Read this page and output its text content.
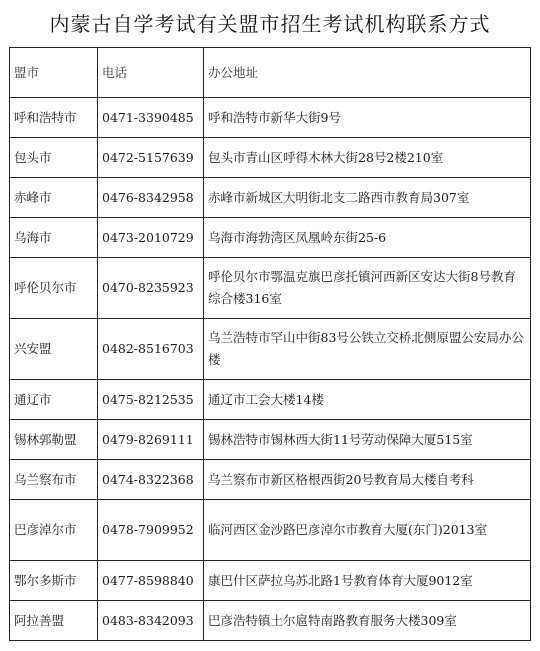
内蒙古自学考试有关盟市招生考试机构联系方式
盟市	电话	办公地址
呼和浩特市	0471-3390485	呼和浩特市新华大街9号
包头市	0472-5157639	包头市青山区呼得木林大街28号2楼210室
赤峰市	0476-8342958	赤峰市新城区大明街北支二路西市教育局307室
乌海市	0473-2010729	乌海市海勃湾区凤凰岭东街25-6
呼伦贝尔市	0470-8235923	呼伦贝尔市鄂温克旗巴彦托镇河西新区安达大街8号教育综合楼316室
兴安盟	0482-8516703	乌兰浩特市罕山中街83号公铁立交桥北侧原盟公安局办公楼
通辽市	0475-8212535	通辽市工会大楼14楼
锡林郭勒盟	0479-8269111	锡林浩特市锡林西大街11号劳动保障大厦515室
乌兰察布市	0474-8322368	乌兰察布市新区格根西街20号教育局大楼自考科
巴彦淖尔市	0478-7909952	临河西区金沙路巴彦淖尔市教育大厦(东门)2013室
鄂尔多斯市	0477-8598840	康巴什区萨拉乌苏北路1号教育体育大厦9012室
阿拉善盟	0483-8342093	巴彦浩特镇土尔扈特南路教育服务大楼309室
